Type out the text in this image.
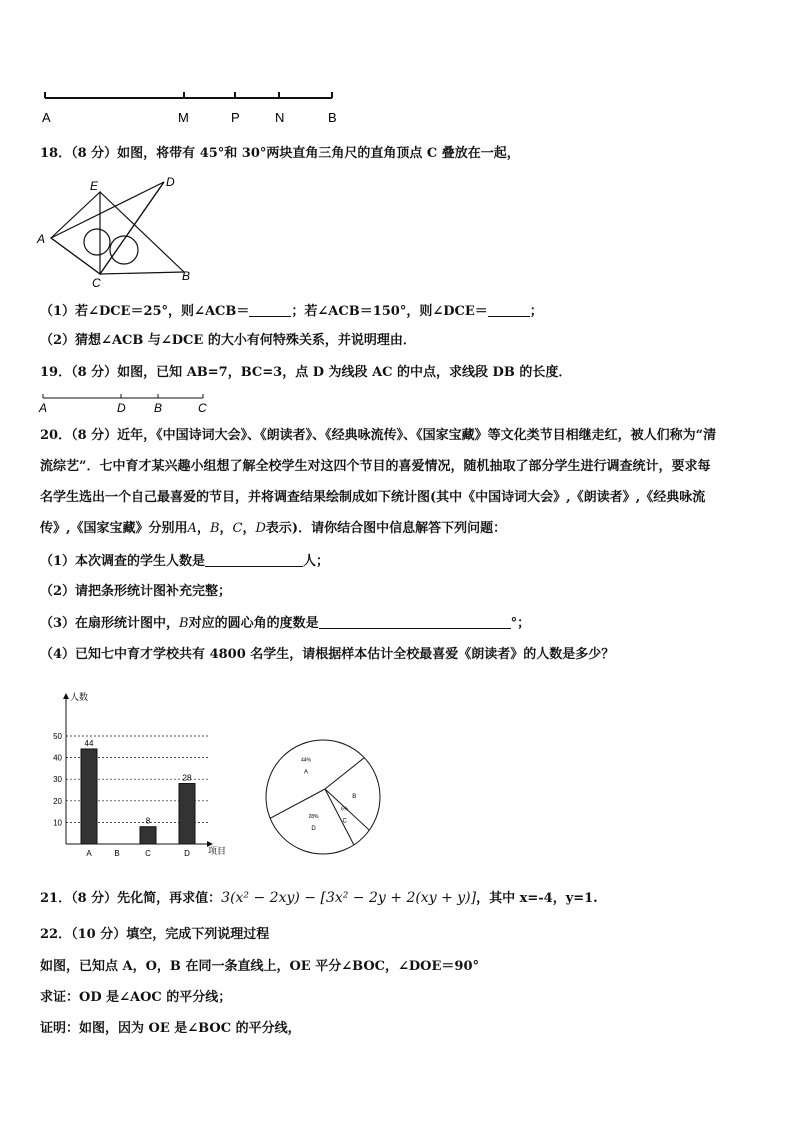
A	M	P	N	B
18．（8 分）如图，将带有 45°和 30°两块直角三角尺的直角顶点 C 叠放在一起，
E	D
A
C	B
（1）若∠DCE＝25°，则∠ACB＝	；若∠ACB＝150°，则∠DCE＝	；
（2）猜想∠ACB 与∠DCE 的大小有何特殊关系，并说明理由．
19．（8 分）如图，已知 AB=7，BC=3，点 D 为线段 AC 的中点，求线段 DB 的长度．
A	D B	C
20．（8 分）近年，《中国诗词大会》、《朗读者》、《经典咏流传》、《国家宝藏》等文化类节目相继走红，被人们称为“清
流综艺”．七中育才某兴趣小组想了解全校学生对这四个节目的喜爱情况，随机抽取了部分学生进行调查统计，要求每
名学生选出一个自己最喜爱的节目，并将调查结果绘制成如下统计图(其中《中国诗词大会》,《朗读者》,《经典咏流
传》,《国家宝藏》分别用A，B，C，D表示)．请你结合图中信息解答下列问题：
（1）本次调查的学生人数是	人；
（2）请把条形统计图补充完整；
（3）在扇形统计图中，B对应的圆心角的度数是	°；
（4）已知七中育才学校共有 4800 名学生，请根据样本估计全校最喜爱《朗读者》的人数是多少？
人数
项目
10
20
30
40
50
A
44
B	C
8
D
28
A
44%
B
C
6%
D
28%
21．（8 分）先化简，再求值：3(x² − 2xy) − [3x² − 2y + 2(xy + y)]，其中 x=-4，y=1.
22．（10 分）填空，完成下列说理过程
如图，已知点 A，O，B 在同一条直线上，OE 平分∠BOC，∠DOE＝90°
求证：OD 是∠AOC 的平分线；
证明：如图，因为 OE 是∠BOC 的平分线，
